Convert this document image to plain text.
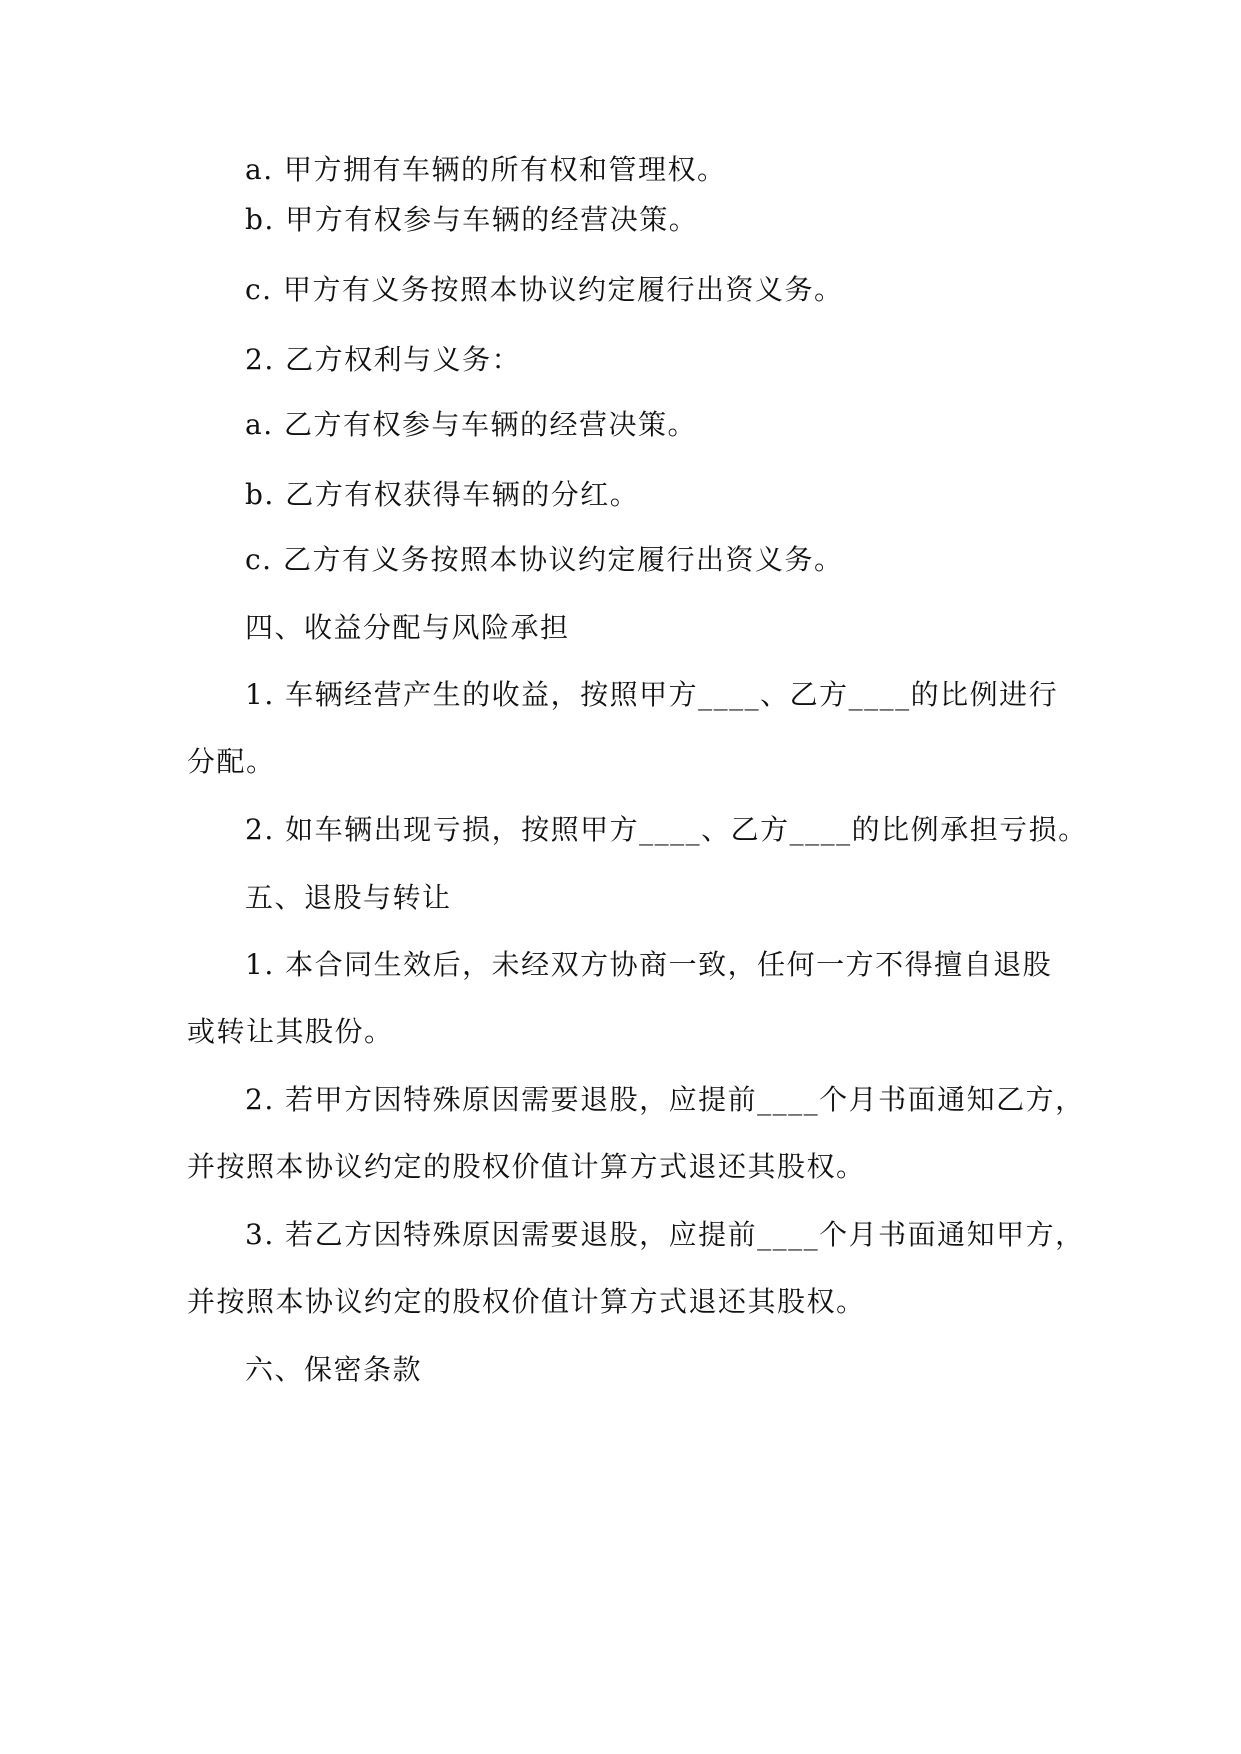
a. 甲方拥有车辆的所有权和管理权。
b. 甲方有权参与车辆的经营决策。
c. 甲方有义务按照本协议约定履行出资义务。
2. 乙方权利与义务：
a. 乙方有权参与车辆的经营决策。
b. 乙方有权获得车辆的分红。
c. 乙方有义务按照本协议约定履行出资义务。
四、收益分配与风险承担
1. 车辆经营产生的收益，按照甲方____、乙方____的比例进行
分配。
2. 如车辆出现亏损，按照甲方____、乙方____的比例承担亏损。
五、退股与转让
1. 本合同生效后，未经双方协商一致，任何一方不得擅自退股
或转让其股份。
2. 若甲方因特殊原因需要退股，应提前____个月书面通知乙方，
并按照本协议约定的股权价值计算方式退还其股权。
3. 若乙方因特殊原因需要退股，应提前____个月书面通知甲方，
并按照本协议约定的股权价值计算方式退还其股权。
六、保密条款
